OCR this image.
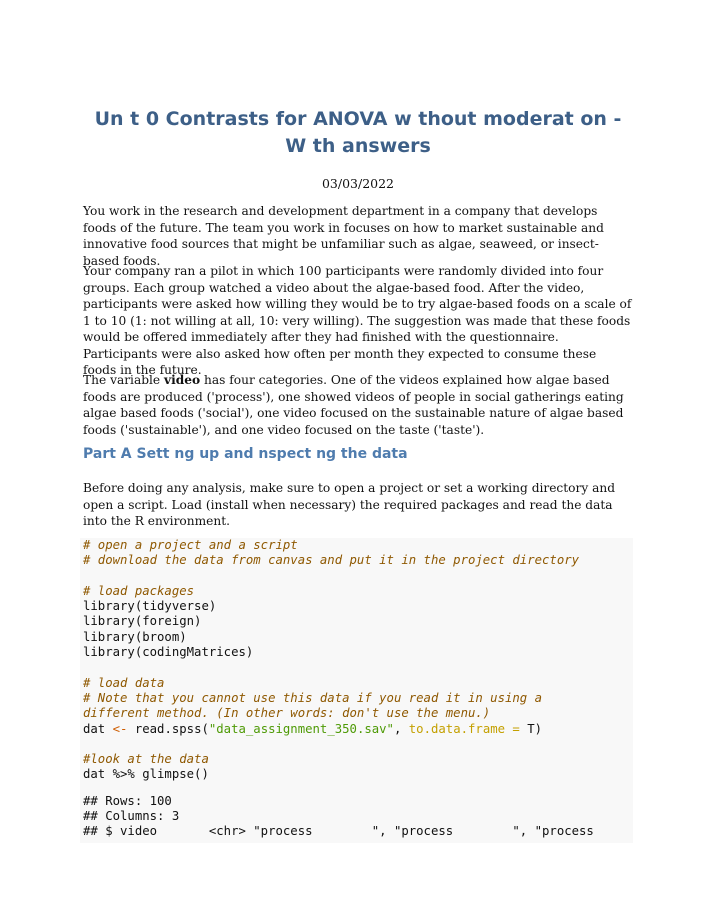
Un t 0 Contrasts for ANOVA w thout moderat on - W th answers

03/03/2022

You work in the research and development department in a company that develops foods of the future. The team you work in focuses on how to market sustainable and innovative food sources that might be unfamiliar such as algae, seaweed, or insect-based foods.

Your company ran a pilot in which 100 participants were randomly divided into four groups. Each group watched a video about the algae-based food. After the video, participants were asked how willing they would be to try algae-based foods on a scale of 1 to 10 (1: not willing at all, 10: very willing). The suggestion was made that these foods would be offered immediately after they had finished with the questionnaire. Participants were also asked how often per month they expected to consume these foods in the future.

The variable video has four categories. One of the videos explained how algae based foods are produced ('process'), one showed videos of people in social gatherings eating algae based foods ('social'), one video focused on the sustainable nature of algae based foods ('sustainable'), and one video focused on the taste ('taste').

Part A Sett ng up and nspect ng the data

Before doing any analysis, make sure to open a project or set a working directory and open a script. Load (install when necessary) the required packages and read the data into the R environment.

# open a project and a script
# download the data from canvas and put it in the project directory
# load packages
library(tidyverse)
library(foreign)
library(broom)
library(codingMatrices)
# load data
# Note that you cannot use this data if you read it in using a
different method. (In other words: don't use the menu.)
dat <- read.spss("data_assignment_350.sav", to.data.frame = T)
#look at the data
dat %>% glimpse()
## Rows: 100
## Columns: 3
## $ video       <chr> "process        ", "process        ", "process
